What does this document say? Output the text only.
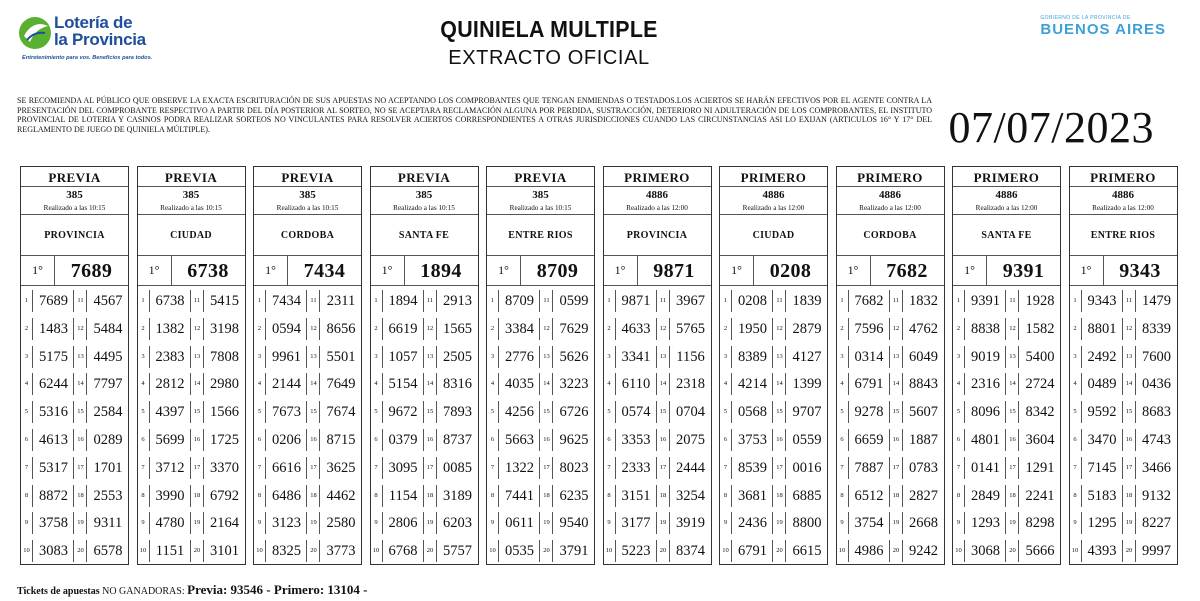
Lotería de
la Provincia
Entretenimiento para vos. Beneficios para todos.
QUINIELA MULTIPLE
EXTRACTO OFICIAL
GOBIERNO DE LA PROVINCIA DE
BUENOS AIRES
SE RECOMIENDA AL PÚBLICO QUE OBSERVE LA EXACTA ESCRITURACIÓN DE SUS APUESTAS NO ACEPTANDO LOS COMPROBANTES QUE TENGAN ENMIENDAS O TESTADOS.LOS ACIERTOS SE HARÁN EFECTIVOS POR EL AGENTE CONTRA LA PRESENTACIÓN DEL COMPROBANTE RESPECTIVO A PARTIR DEL DÍA POSTERIOR AL SORTEO, NO SE ACEPTARA RECLAMACIÓN ALGUNA POR PERDIDA, SUSTRACCIÓN, DETERIORO NI ADULTERACIÓN DE LOS COMPROBANTES, EL INSTITUTO PROVINCIAL DE LOTERIA Y CASINOS PODRA REALIZAR SORTEOS NO VINCULANTES PARA RESOLVER ACIERTOS CORRESPONDIENTES A OTRAS JURISDICCIONES CUANDO LAS CIRCUNSTANCIAS ASI LO EXIJAN (ARTICULOS 16° Y 17° DEL REGLAMENTO DE JUEGO DE QUINIELA MÚLTIPLE).	07/07/2023
PREVIA
385
Realizado a las 10:15
PROVINCIA
1°	7689
1 7689	11 4567
2 1483	12 5484
3 5175	13 4495
4 6244	14 7797
5 5316	15 2584
6 4613	16 0289
7 5317	17 1701
8 8872	18 2553
9 3758	19 9311
10 3083	20 6578
PREVIA
385
Realizado a las 10:15
CIUDAD
1°	6738
1 6738	11 5415
2 1382	12 3198
3 2383	13 7808
4 2812	14 2980
5 4397	15 1566
6 5699	16 1725
7 3712	17 3370
8 3990	18 6792
9 4780	19 2164
10 1151	20 3101
PREVIA
385
Realizado a las 10:15
CORDOBA
1°	7434
1 7434	11 2311
2 0594	12 8656
3 9961	13 5501
4 2144	14 7649
5 7673	15 7674
6 0206	16 8715
7 6616	17 3625
8 6486	18 4462
9 3123	19 2580
10 8325	20 3773
PREVIA
385
Realizado a las 10:15
SANTA FE
1°	1894
1 1894	11 2913
2 6619	12 1565
3 1057	13 2505
4 5154	14 8316
5 9672	15 7893
6 0379	16 8737
7 3095	17 0085
8 1154	18 3189
9 2806	19 6203
10 6768	20 5757
PREVIA
385
Realizado a las 10:15
ENTRE RIOS
1°	8709
1 8709	11 0599
2 3384	12 7629
3 2776	13 5626
4 4035	14 3223
5 4256	15 6726
6 5663	16 9625
7 1322	17 8023
8 7441	18 6235
9 0611	19 9540
10 0535	20 3791
PRIMERO
4886
Realizado a las 12:00
PROVINCIA
1°	9871
1 9871	11 3967
2 4633	12 5765
3 3341	13 1156
4 6110	14 2318
5 0574	15 0704
6 3353	16 2075
7 2333	17 2444
8 3151	18 3254
9 3177	19 3919
10 5223	20 8374
PRIMERO
4886
Realizado a las 12:00
CIUDAD
1°	0208
1 0208	11 1839
2 1950	12 2879
3 8389	13 4127
4 4214	14 1399
5 0568	15 9707
6 3753	16 0559
7 8539	17 0016
8 3681	18 6885
9 2436	19 8800
10 6791	20 6615
PRIMERO
4886
Realizado a las 12:00
CORDOBA
1°	7682
1 7682	11 1832
2 7596	12 4762
3 0314	13 6049
4 6791	14 8843
5 9278	15 5607
6 6659	16 1887
7 7887	17 0783
8 6512	18 2827
9 3754	19 2668
10 4986	20 9242
PRIMERO
4886
Realizado a las 12:00
SANTA FE
1°	9391
1 9391	11 1928
2 8838	12 1582
3 9019	13 5400
4 2316	14 2724
5 8096	15 8342
6 4801	16 3604
7 0141	17 1291
8 2849	18 2241
9 1293	19 8298
10 3068	20 5666
PRIMERO
4886
Realizado a las 12:00
ENTRE RIOS
1°	9343
1 9343	11 1479
2 8801	12 8339
3 2492	13 7600
4 0489	14 0436
5 9592	15 8683
6 3470	16 4743
7 7145	17 3466
8 5183	18 9132
9 1295	19 8227
10 4393	20 9997
Tickets de apuestas NO GANADORAS: Previa: 93546 - Primero: 13104 -
